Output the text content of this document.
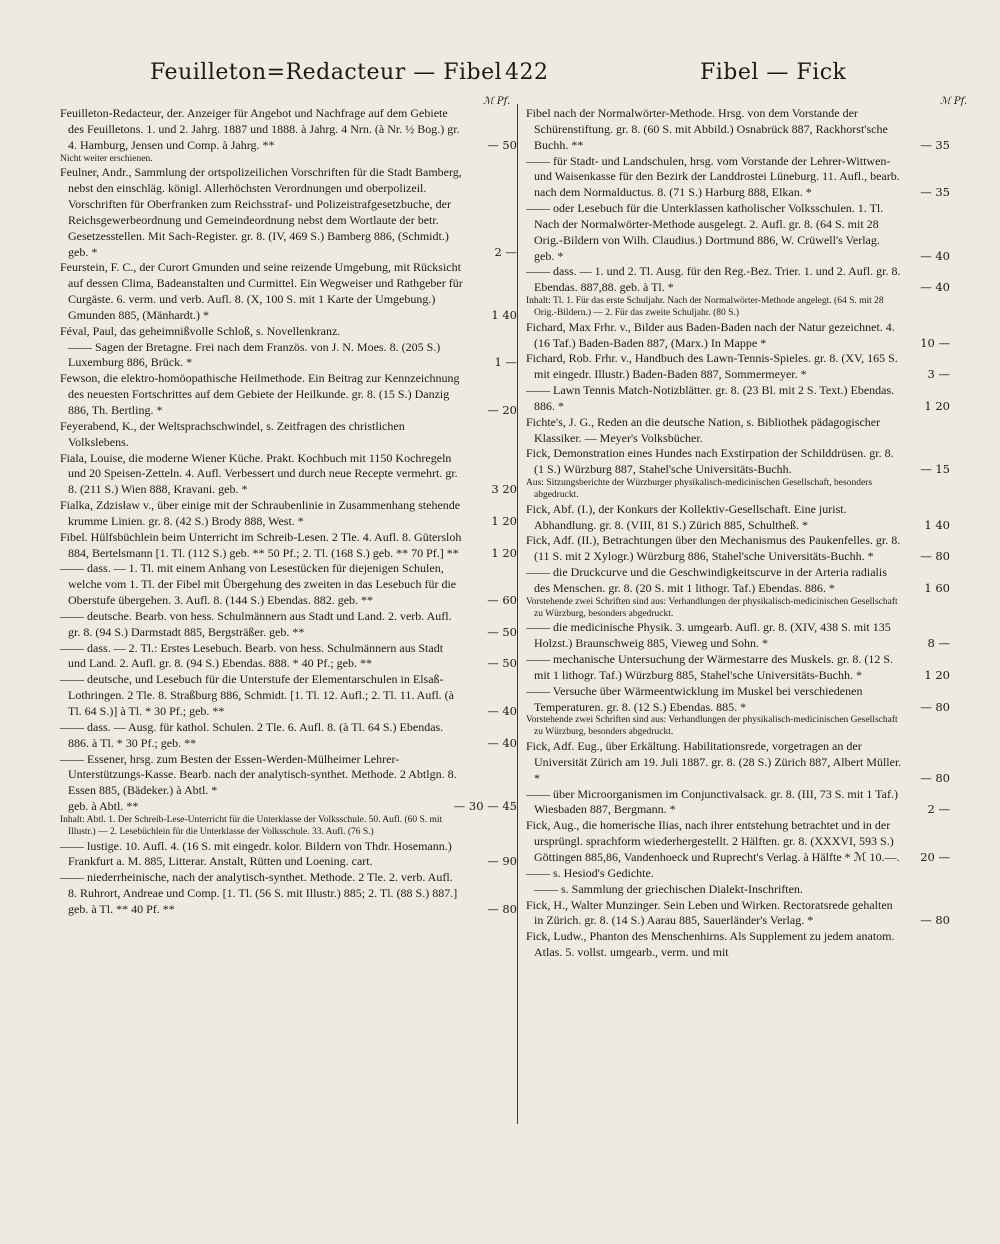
Feuilleton=Redacteur — Fibel 422	Fibel — Fick
ℳ Pf.	ℳ Pf.
Feuilleton-Redacteur, der. Anzeiger für Angebot und Nachfrage auf dem Gebiete des Feuilletons. 1. und 2. Jahrg. 1887 und 1888. à Jahrg. 4 Nrn. (à Nr. ½ Bog.) gr. 4. Hamburg, Jensen und Comp. à Jahrg. **	— 50
Nicht weiter erschienen.
Feulner, Andr., Sammlung der ortspolizeilichen Vorschriften für die Stadt Bamberg, nebst den einschläg. königl. Allerhöchsten Verordnungen und oberpolizeil. Vorschriften für Oberfranken zum Reichsstraf- und Polizeistrafgesetzbuche, der Reichsgewerbeordnung und Gemeindeordnung nebst dem Wortlaute der betr. Gesetzesstellen. Mit Sach-Register. gr. 8. (IV, 469 S.) Bamberg 886, (Schmidt.) geb. *	2 —
Feurstein, F. C., der Curort Gmunden und seine reizende Umgebung, mit Rücksicht auf dessen Clima, Badeanstalten und Curmittel. Ein Wegweiser und Rathgeber für Curgäste. 6. verm. und verb. Aufl. 8. (X, 100 S. mit 1 Karte der Umgebung.) Gmunden 885, (Mänhardt.) *	1 40
Féval, Paul, das geheimnißvolle Schloß, s. Novellenkranz.
—— Sagen der Bretagne. Frei nach dem Französ. von J. N. Moes. 8. (205 S.) Luxemburg 886, Brück. *	1 —
Fewson, die elektro-homöopathische Heilmethode. Ein Beitrag zur Kennzeichnung des neuesten Fortschrittes auf dem Gebiete der Heilkunde. gr. 8. (15 S.) Danzig 886, Th. Bertling. *	— 20
Feyerabend, K., der Weltsprachschwindel, s. Zeitfragen des christlichen Volkslebens.
Fiala, Louise, die moderne Wiener Küche. Prakt. Kochbuch mit 1150 Kochregeln und 20 Speisen-Zetteln. 4. Aufl. Verbessert und durch neue Recepte vermehrt. gr. 8. (211 S.) Wien 888, Kravani. geb. *	3 20
Fialka, Zdzisław v., über einige mit der Schraubenlinie in Zusammenhang stehende krumme Linien. gr. 8. (42 S.) Brody 888, West. *	1 20
Fibel. Hülfsbüchlein beim Unterricht im Schreib-Lesen. 2 Tle. 4. Aufl. 8. Gütersloh 884, Bertelsmann [1. Tl. (112 S.) geb. ** 50 Pf.; 2. Tl. (168 S.) geb. ** 70 Pf.] **	1 20
—— dass. — 1. Tl. mit einem Anhang von Lesestücken für diejenigen Schulen, welche vom 1. Tl. der Fibel mit Übergehung des zweiten in das Lesebuch für die Oberstufe übergehen. 3. Aufl. 8. (144 S.) Ebendas. 882. geb. **	— 60
—— deutsche. Bearb. von hess. Schulmännern aus Stadt und Land. 2. verb. Aufl. gr. 8. (94 S.) Darmstadt 885, Bergsträßer. geb. **	— 50
—— dass. — 2. Tl.: Erstes Lesebuch. Bearb. von hess. Schulmännern aus Stadt und Land. 2. Aufl. gr. 8. (94 S.) Ebendas. 888. * 40 Pf.; geb. **	— 50
—— deutsche, und Lesebuch für die Unterstufe der Elementarschulen in Elsaß-Lothringen. 2 Tle. 8. Straßburg 886, Schmidt. [1. Tl. 12. Aufl.; 2. Tl. 11. Aufl. (à Tl. 64 S.)] à Tl. * 30 Pf.; geb. **	— 40
—— dass. — Ausg. für kathol. Schulen. 2 Tle. 6. Aufl. 8. (à Tl. 64 S.) Ebendas. 886. à Tl. * 30 Pf.; geb. **	— 40
—— Essener, hrsg. zum Besten der Essen-Werden-Mülheimer Lehrer-Unterstützungs-Kasse. Bearb. nach der analytisch-synthet. Methode. 2 Abtlgn. 8. Essen 885, (Bädeker.) à Abtl. *
geb. à Abtl. **	— 30 — 45
Inhalt: Abtl. 1. Der Schreib-Lese-Unterricht für die Unterklasse der Volksschule. 50. Aufl. (60 S. mit Illustr.) — 2. Lesebüchlein für die Unterklasse der Volksschule. 33. Aufl. (76 S.)
—— lustige. 10. Aufl. 4. (16 S. mit eingedr. kolor. Bildern von Thdr. Hosemann.) Frankfurt a. M. 885, Litterar. Anstalt, Rütten und Loening. cart.	— 90
—— niederrheinische, nach der analytisch-synthet. Methode. 2 Tle. 2. verb. Aufl. 8. Ruhrort, Andreae und Comp. [1. Tl. (56 S. mit Illustr.) 885; 2. Tl. (88 S.) 887.] geb. à Tl. ** 40 Pf. **	— 80
Fibel nach der Normalwörter-Methode. Hrsg. von dem Vorstande der Schürenstiftung. gr. 8. (60 S. mit Abbild.) Osnabrück 887, Rackhorst'sche Buchh. **	— 35
—— für Stadt- und Landschulen, hrsg. vom Vorstande der Lehrer-Wittwen- und Waisenkasse für den Bezirk der Landdrostei Lüneburg. 11. Aufl., bearb. nach dem Normalductus. 8. (71 S.) Harburg 888, Elkan. *	— 35
—— oder Lesebuch für die Unterklassen katholischer Volksschulen. 1. Tl. Nach der Normalwörter-Methode ausgelegt. 2. Aufl. gr. 8. (64 S. mit 28 Orig.-Bildern von Wilh. Claudius.) Dortmund 886, W. Crüwell's Verlag. geb. *	— 40
—— dass. — 1. und 2. Tl. Ausg. für den Reg.-Bez. Trier. 1. und 2. Aufl. gr. 8. Ebendas. 887,88. geb. à Tl. *	— 40
Inhalt: Tl. 1. Für das erste Schuljahr. Nach der Normalwörter-Methode angelegt. (64 S. mit 28 Orig.-Bildern.) — 2. Für das zweite Schuljahr. (80 S.)
Fichard, Max Frhr. v., Bilder aus Baden-Baden nach der Natur gezeichnet. 4. (16 Taf.) Baden-Baden 887, (Marx.) In Mappe *	10 —
Fichard, Rob. Frhr. v., Handbuch des Lawn-Tennis-Spieles. gr. 8. (XV, 165 S. mit eingedr. Illustr.) Baden-Baden 887, Sommermeyer. *	3 —
—— Lawn Tennis Match-Notizblätter. gr. 8. (23 Bl. mit 2 S. Text.) Ebendas. 886. *	1 20
Fichte's, J. G., Reden an die deutsche Nation, s. Bibliothek pädagogischer Klassiker. — Meyer's Volksbücher.
Fick, Demonstration eines Hundes nach Exstirpation der Schilddrüsen. gr. 8. (1 S.) Würzburg 887, Stahel'sche Universitäts-Buchh.	— 15
Aus: Sitzungsberichte der Würzburger physikalisch-medicinischen Gesellschaft, besonders abgedruckt.
Fick, Abf. (I.), der Konkurs der Kollektiv-Gesellschaft. Eine jurist. Abhandlung. gr. 8. (VIII, 81 S.) Zürich 885, Schultheß. *	1 40
Fick, Adf. (II.), Betrachtungen über den Mechanismus des Paukenfelles. gr. 8. (11 S. mit 2 Xylogr.) Würzburg 886, Stahel'sche Universitäts-Buchh. *	— 80
—— die Druckcurve und die Geschwindigkeitscurve in der Arteria radialis des Menschen. gr. 8. (20 S. mit 1 lithogr. Taf.) Ebendas. 886. *	1 60
Vorstehende zwei Schriften sind aus: Verhandlungen der physikalisch-medicinischen Gesellschaft zu Würzburg, besonders abgedruckt.
—— die medicinische Physik. 3. umgearb. Aufl. gr. 8. (XIV, 438 S. mit 135 Holzst.) Braunschweig 885, Vieweg und Sohn. *	8 —
—— mechanische Untersuchung der Wärmestarre des Muskels. gr. 8. (12 S. mit 1 lithogr. Taf.) Würzburg 885, Stahel'sche Universitäts-Buchh. *	1 20
—— Versuche über Wärmeentwicklung im Muskel bei verschiedenen Temperaturen. gr. 8. (12 S.) Ebendas. 885. *	— 80
Vorstehende zwei Schriften sind aus: Verhandlungen der physikalisch-medicinischen Gesellschaft zu Würzburg, besonders abgedruckt.
Fick, Adf. Eug., über Erkältung. Habilitationsrede, vorgetragen an der Universität Zürich am 19. Juli 1887. gr. 8. (28 S.) Zürich 887, Albert Müller. *	— 80
—— über Microorganismen im Conjunctivalsack. gr. 8. (III, 73 S. mit 1 Taf.) Wiesbaden 887, Bergmann. *	2 —
Fick, Aug., die homerische Ilias, nach ihrer entstehung betrachtet und in der ursprüngl. sprachform wiederhergestellt. 2 Hälften. gr. 8. (XXXVI, 593 S.) Göttingen 885,86, Vandenhoeck und Ruprecht's Verlag. à Hälfte * ℳ 10.—. 20 —
—— s. Hesiod's Gedichte.
—— s. Sammlung der griechischen Dialekt-Inschriften.
Fick, H., Walter Munzinger. Sein Leben und Wirken. Rectoratsrede gehalten in Zürich. gr. 8. (14 S.) Aarau 885, Sauerländer's Verlag. *	— 80
Fick, Ludw., Phanton des Menschenhirns. Als Supplement zu jedem anatom. Atlas. 5. vollst. umgearb., verm. und mit
